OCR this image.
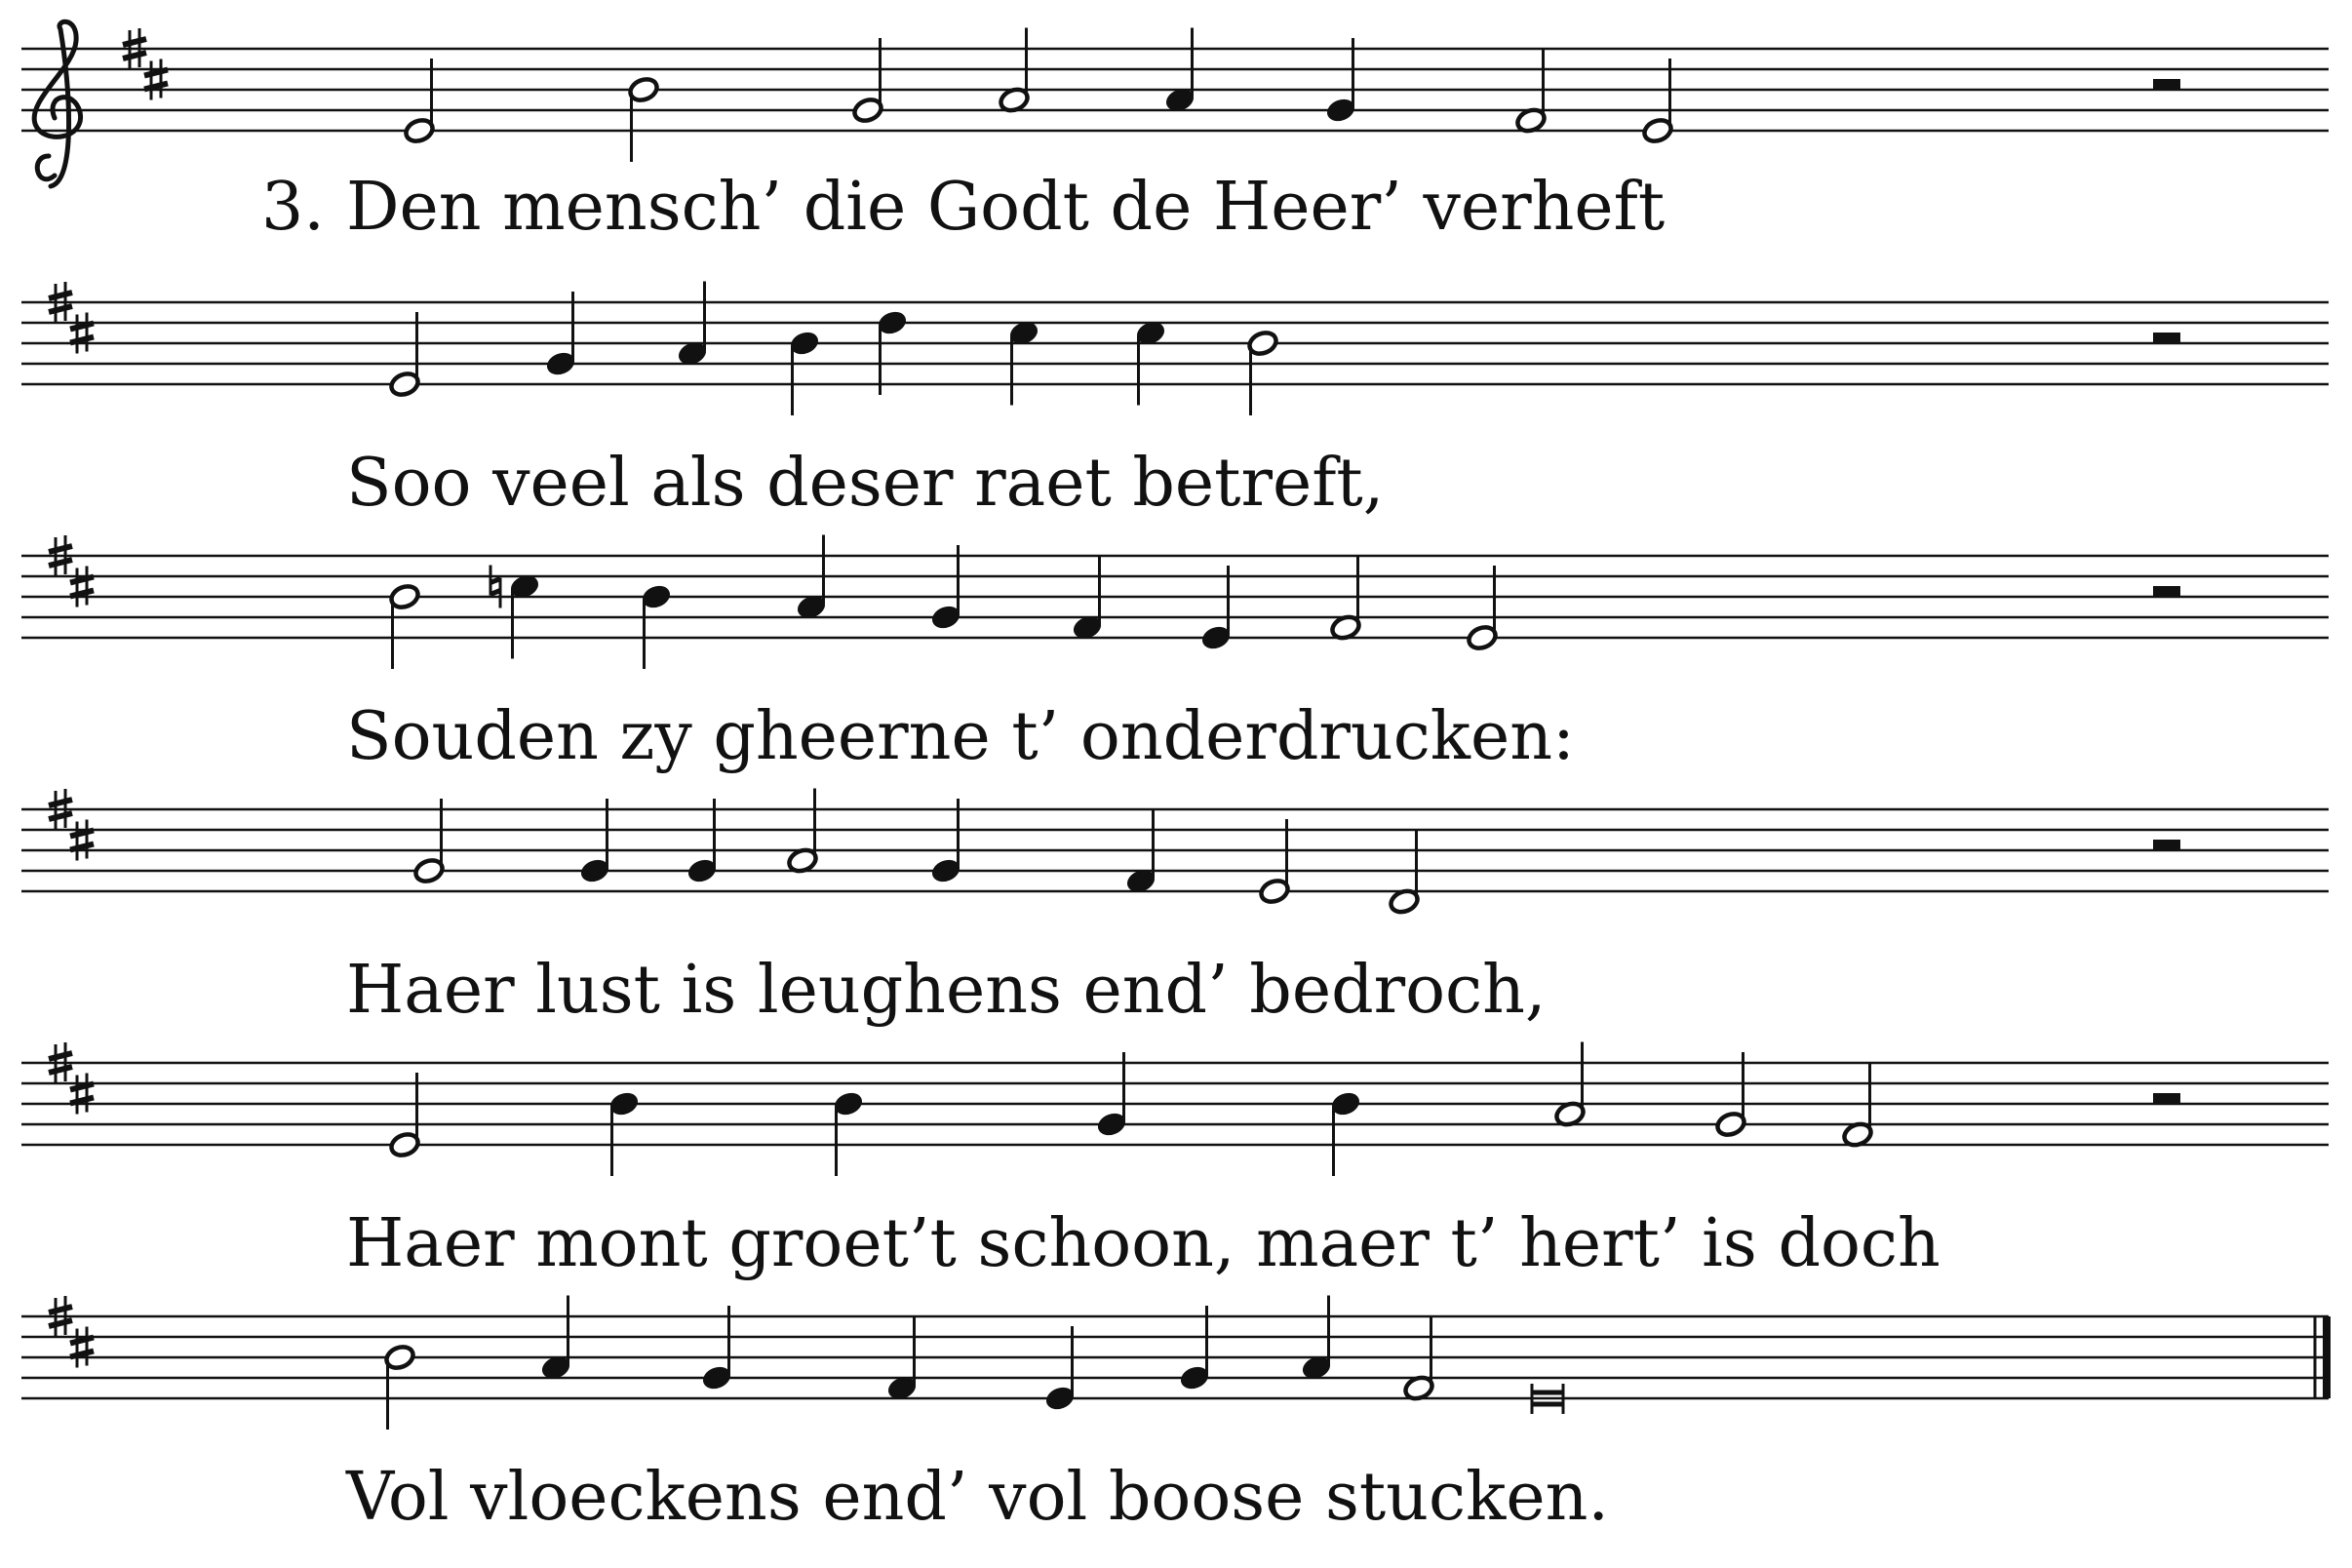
3. Den mensch’ die Godt de Heer’ verheft
Soo veel als deser raet betreft,
Souden zy gheerne t’ onderdrucken:
Haer lust is leughens end’ bedroch,
Haer mont groet’t schoon, maer t’ hert’ is doch
Vol vloeckens end’ vol boose stucken.
